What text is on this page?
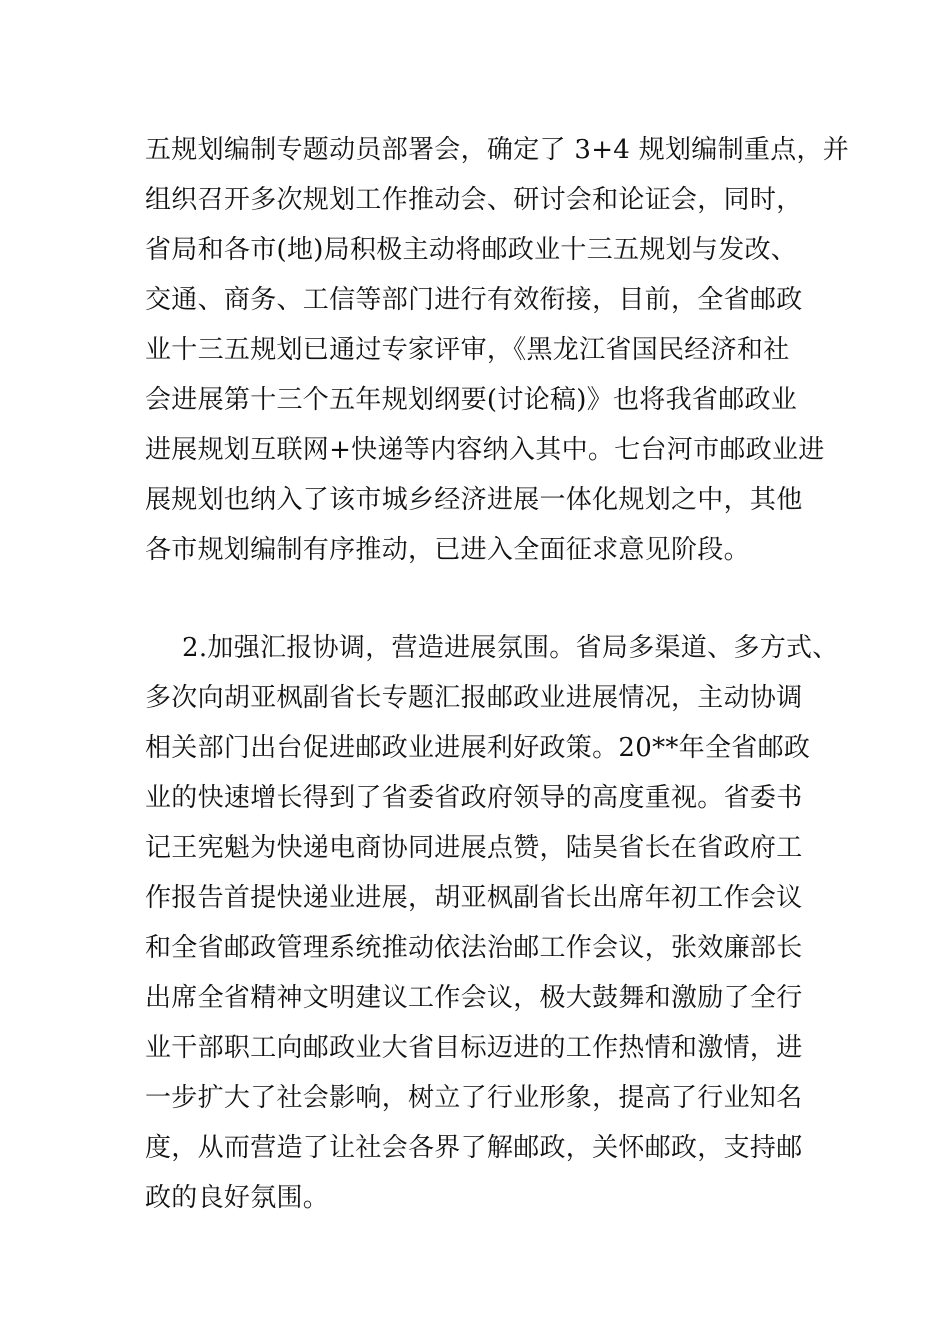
五规划编制专题动员部署会，确定了 3+4 规划编制重点，并
组织召开多次规划工作推动会、研讨会和论证会，同时，
省局和各市(地)局积极主动将邮政业十三五规划与发改、
交通、商务、工信等部门进行有效衔接，目前，全省邮政
业十三五规划已通过专家评审，《黑龙江省国民经济和社
会进展第十三个五年规划纲要(讨论稿)》也将我省邮政业
进展规划互联网+快递等内容纳入其中。七台河市邮政业进
展规划也纳入了该市城乡经济进展一体化规划之中，其他
各市规划编制有序推动，已进入全面征求意见阶段。
2.加强汇报协调，营造进展氛围。省局多渠道、多方式、
多次向胡亚枫副省长专题汇报邮政业进展情况，主动协调
相关部门出台促进邮政业进展利好政策。20**年全省邮政
业的快速增长得到了省委省政府领导的高度重视。省委书
记王宪魁为快递电商协同进展点赞，陆昊省长在省政府工
作报告首提快递业进展，胡亚枫副省长出席年初工作会议
和全省邮政管理系统推动依法治邮工作会议，张效廉部长
出席全省精神文明建议工作会议，极大鼓舞和激励了全行
业干部职工向邮政业大省目标迈进的工作热情和激情，进
一步扩大了社会影响，树立了行业形象，提高了行业知名
度，从而营造了让社会各界了解邮政，关怀邮政，支持邮
政的良好氛围。
